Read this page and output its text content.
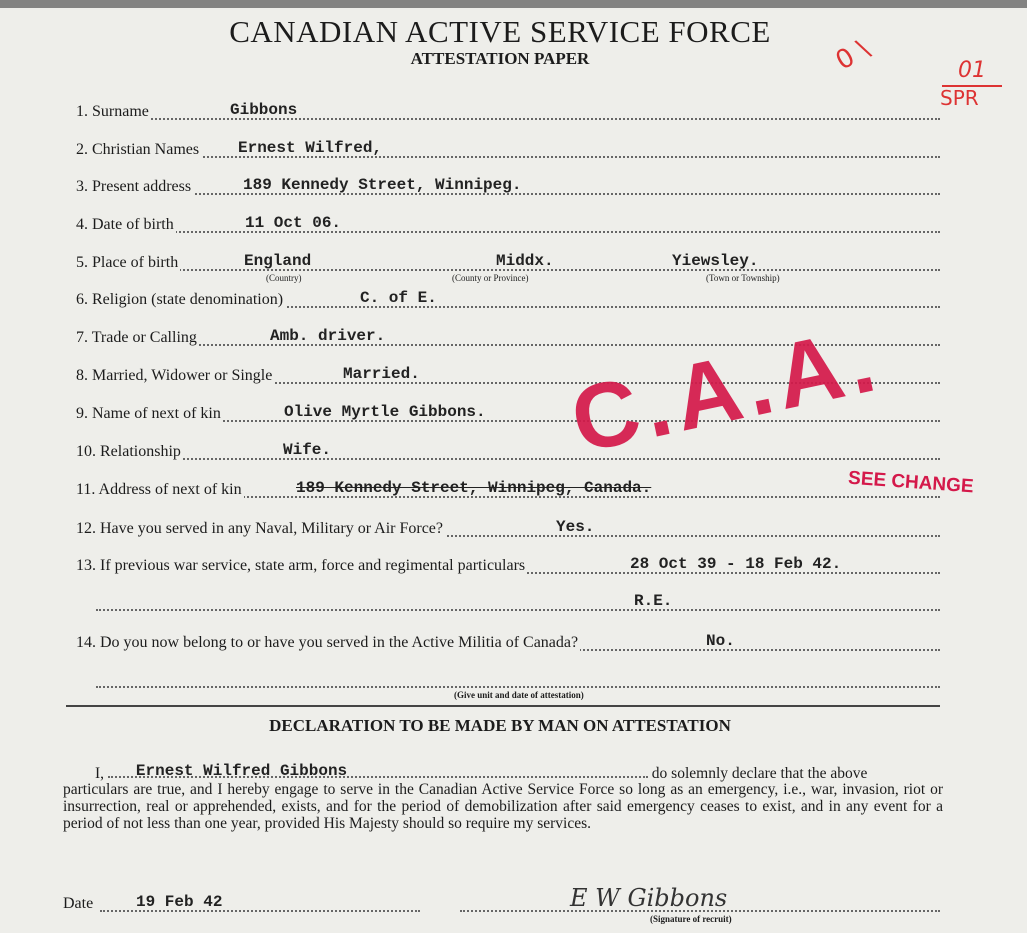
CANADIAN ACTIVE SERVICE FORCE
ATTESTATION PAPER
1. Surname	Gibbons
2. Christian Names Ernest Wilfred,
3. Present address	189 Kennedy Street, Winnipeg.
4. Date of birth	11 Oct 06.
5. Place of birth	England	Middx.	Yiewsley.
(Country)	(County or Province)	(Town or Township)
6. Religion (state denomination)	C. of E.
7. Trade or Calling	Amb. driver.
8. Married, Widower or Single	Married.
9. Name of next of kin	Olive Myrtle Gibbons.
10. Relationship	Wife.
11. Address of next of kin	189 Kennedy Street, Winnipeg, Canada.
12. Have you served in any Naval, Military or Air Force?	Yes.
13. If previous war service, state arm, force and regimental particulars	28 Oct 39 - 18 Feb 42.
R.E.
14. Do you now belong to or have you served in the Active Militia of Canada?	No.
(Give unit and date of attestation)
DECLARATION TO BE MADE BY MAN ON ATTESTATION
I, Ernest Wilfred Gibbons	do solemnly declare that the above
particulars are true, and I hereby engage to serve in the Canadian Active Service Force so long as an emergency, i.e., war, invasion, riot or insurrection, real or apprehended, exists, and for the period of demobilization after said emergency ceases to exist, and in any event for a period of not less than one year, provided His Majesty should so require my services.
Date	19 Feb 42	E W Gibbons
(Signature of recruit)
C.A.A.
SEE CHANGE
0 \	01
SPR
